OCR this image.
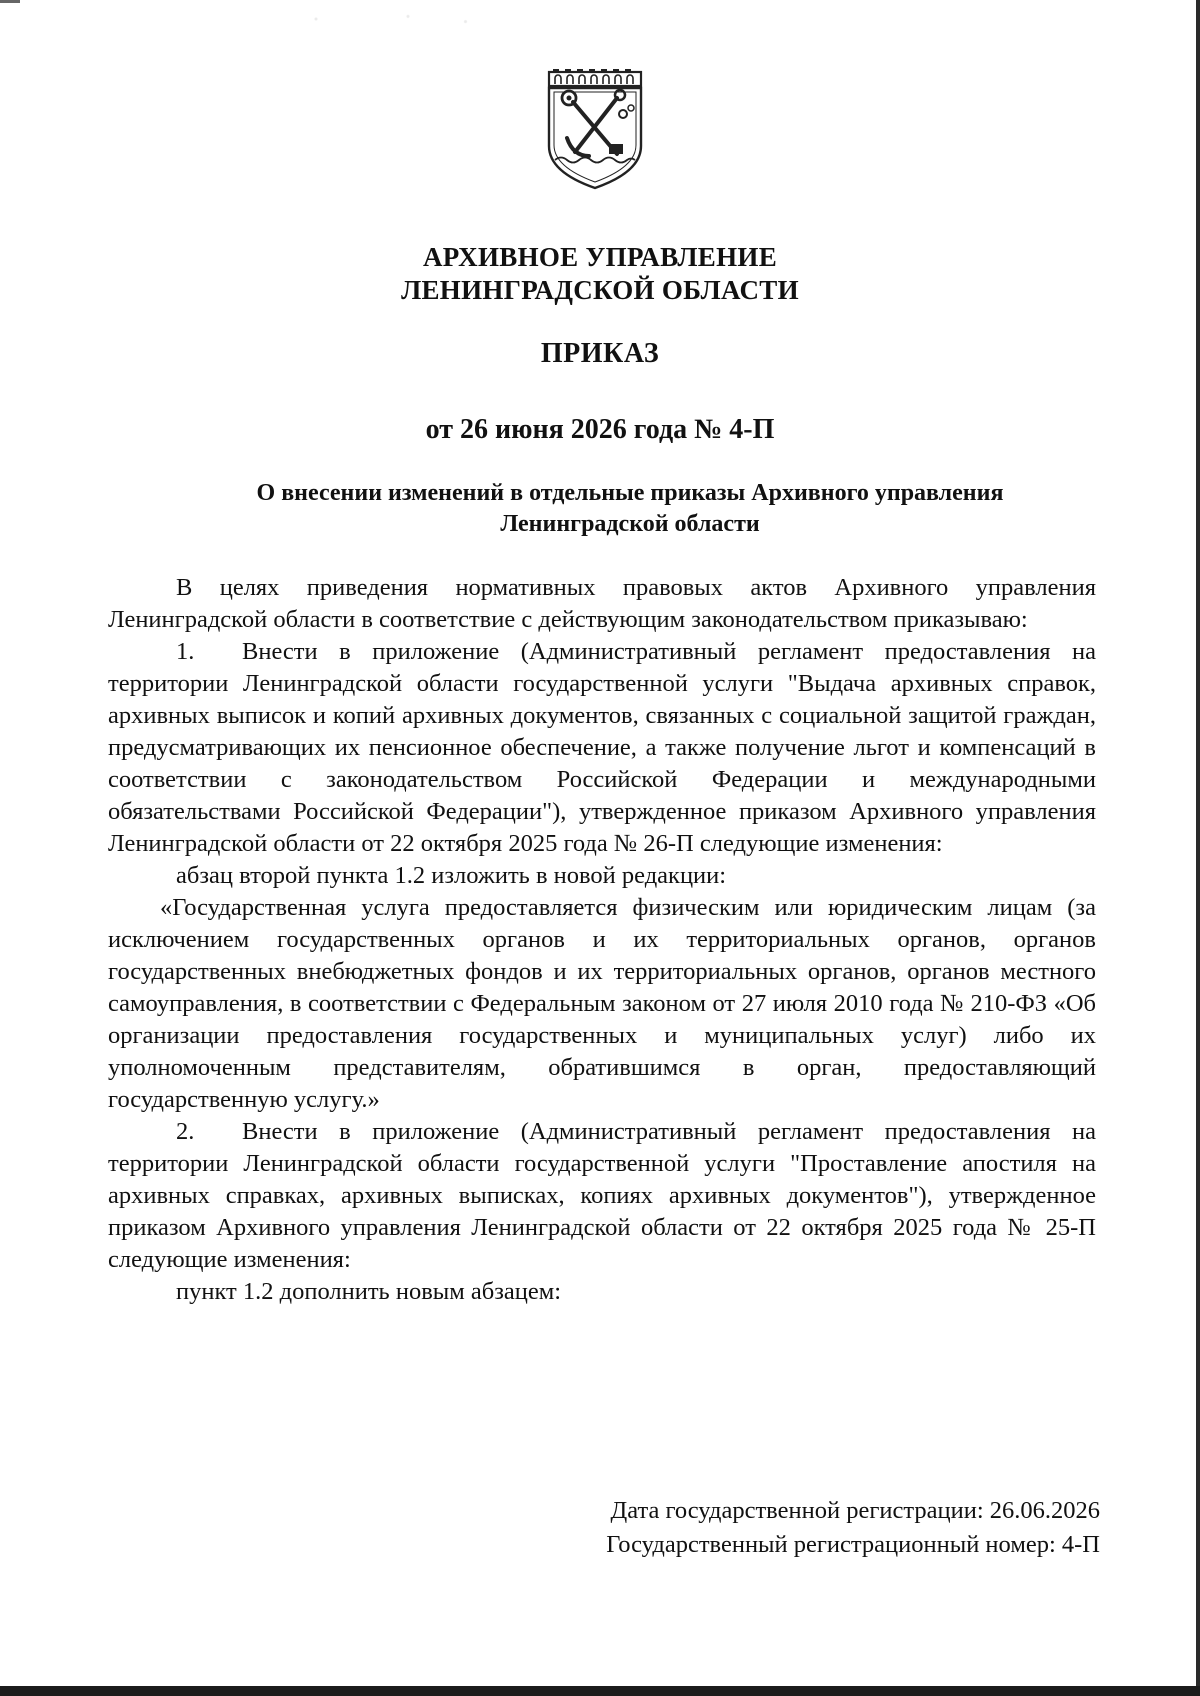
АРХИВНОЕ УПРАВЛЕНИЕ
ЛЕНИНГРАДСКОЙ ОБЛАСТИ
ПРИКАЗ
от 26 июня 2026 года № 4-П
О внесении изменений в отдельные приказы Архивного управления
Ленинградской области

В целях приведения нормативных правовых актов Архивного управления Ленинградской области в соответствие с действующим законодательством приказываю:

1. Внести в приложение (Административный регламент предоставления на территории Ленинградской области государственной услуги "Выдача архивных справок, архивных выписок и копий архивных документов, связанных с социальной защитой граждан, предусматривающих их пенсионное обеспечение, а также получение льгот и компенсаций в соответствии с законодательством Российской Федерации и международными обязательствами Российской Федерации"), утвержденное приказом Архивного управления Ленинградской области от 22 октября 2025 года № 26-П следующие изменения:

абзац второй пункта 1.2 изложить в новой редакции:

«Государственная услуга предоставляется физическим или юридическим лицам (за исключением государственных органов и их территориальных органов, органов государственных внебюджетных фондов и их территориальных органов, органов местного самоуправления, в соответствии с Федеральным законом от 27 июля 2010 года № 210-ФЗ «Об организации предоставления государственных и муниципальных услуг) либо их уполномоченным представителям, обратившимся в орган, предоставляющий государственную услугу.»

2. Внести в приложение (Административный регламент предоставления на территории Ленинградской области государственной услуги "Проставление апостиля на архивных справках, архивных выписках, копиях архивных документов"), утвержденное приказом Архивного управления Ленинградской области от 22 октября 2025 года № 25-П следующие изменения:

пункт 1.2 дополнить новым абзацем:

Дата государственной регистрации: 26.06.2026
Государственный регистрационный номер: 4-П
